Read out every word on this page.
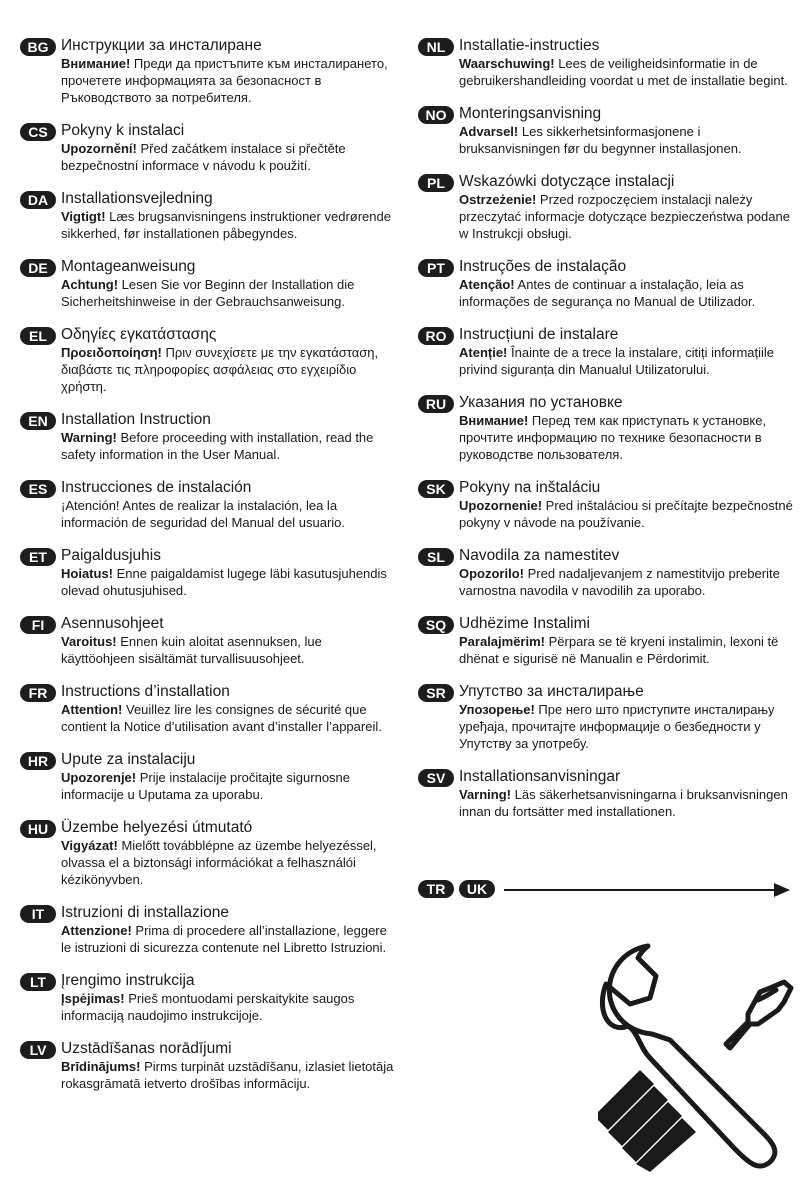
BG Инструкции за инсталиране

Внимание! Преди да пристъпите към инсталирането, прочетете информацията за безопасност в Ръководството за потребителя.

CS Pokyny k instalaci

Upozornění! Před začátkem instalace si přečtěte bezpečnostní informace v návodu k použití.

DA Installationsvejledning

Vigtigt! Læs brugsanvisningens instruktioner vedrørende sikkerhed, før installationen påbegyndes.

DE Montageanweisung

Achtung! Lesen Sie vor Beginn der Installation die Sicherheitshinweise in der Gebrauchsanweisung.

EL Οδηγίες εγκατάστασης

Προειδοποίηση! Πριν συνεχίσετε με την εγκατάσταση, διαβάστε τις πληροφορίες ασφάλειας στο εγχειρίδιο χρήστη.

EN Installation Instruction

Warning! Before proceeding with installation, read the safety information in the User Manual.

ES Instrucciones de instalación

¡Atención! Antes de realizar la instalación, lea la información de seguridad del Manual del usuario.

ET Paigaldusjuhis

Hoiatus! Enne paigaldamist lugege läbi kasutusjuhendis olevad ohutusjuhised.

FI	Asennusohjeet

Varoitus! Ennen kuin aloitat asennuksen, lue käyttöohjeen sisältämät turvallisuusohjeet.

FR Instructions d’installation

Attention! Veuillez lire les consignes de sécurité que contient la Notice d’utilisation avant d’installer l’appareil.

HR Upute za instalaciju

Upozorenje! Prije instalacije pročitajte sigurnosne informacije u Uputama za uporabu.

HU Üzembe helyezési útmutató

Vigyázat! Mielőtt továbblépne az üzembe helyezéssel, olvassa el a biztonsági információkat a felhasználói kézikönyvben.

IT	Istruzioni di installazione

Attenzione! Prima di procedere all’installazione, leggere le istruzioni di sicurezza contenute nel Libretto Istruzioni.

LT Įrengimo instrukcija

Įspėjimas! Prieš montuodami perskaitykite saugos informaciją naudojimo instrukcijoje.

LV Uzstādīšanas norādījumi

Brīdinājums! Pirms turpināt uzstādīšanu, izlasiet lietotāja rokasgrāmatā ietverto drošības informāciju.

NL Installatie-instructies

Waarschuwing! Lees de veiligheidsinformatie in de gebruikershandleiding voordat u met de installatie begint.

NO Monteringsanvisning

Advarsel! Les sikkerhetsinformasjonene i bruksanvisningen før du begynner installasjonen.

PL Wskazówki dotyczące instalacji

Ostrzeżenie! Przed rozpoczęciem instalacji należy przeczytać informacje dotyczące bezpieczeństwa podane w Instrukcji obsługi.

PT Instruções de instalação

Atenção! Antes de continuar a instalação, leia as informações de segurança no Manual de Utilizador.

RO Instrucțiuni de instalare

Atenție! Înainte de a trece la instalare, citiți informațiile privind siguranța din Manualul Utilizatorului.

RU Указания по установке

Внимание! Перед тем как приступать к установке, прочтите информацию по технике безопасности в руководстве пользователя.

SK Pokyny na inštaláciu

Upozornenie! Pred inštaláciou si prečítajte bezpečnostné pokyny v návode na používanie.

SL Navodila za namestitev

Opozorilo! Pred nadaljevanjem z namestitvijo preberite varnostna navodila v navodilih za uporabo.

SQ Udhëzime Instalimi

Paralajmërim! Përpara se të kryeni instalimin, lexoni të dhënat e sigurisë në Manualin e Përdorimit.

SR Упутство за инсталирање

Упозорење! Пре него што приступите инсталирању уређаја, прочитајте информације о безбедности у Упутству за употребу.

SV Installationsanvisningar

Varning! Läs säkerhetsanvisningarna i bruksanvisningen innan du fortsätter med installationen.

TR	UK
